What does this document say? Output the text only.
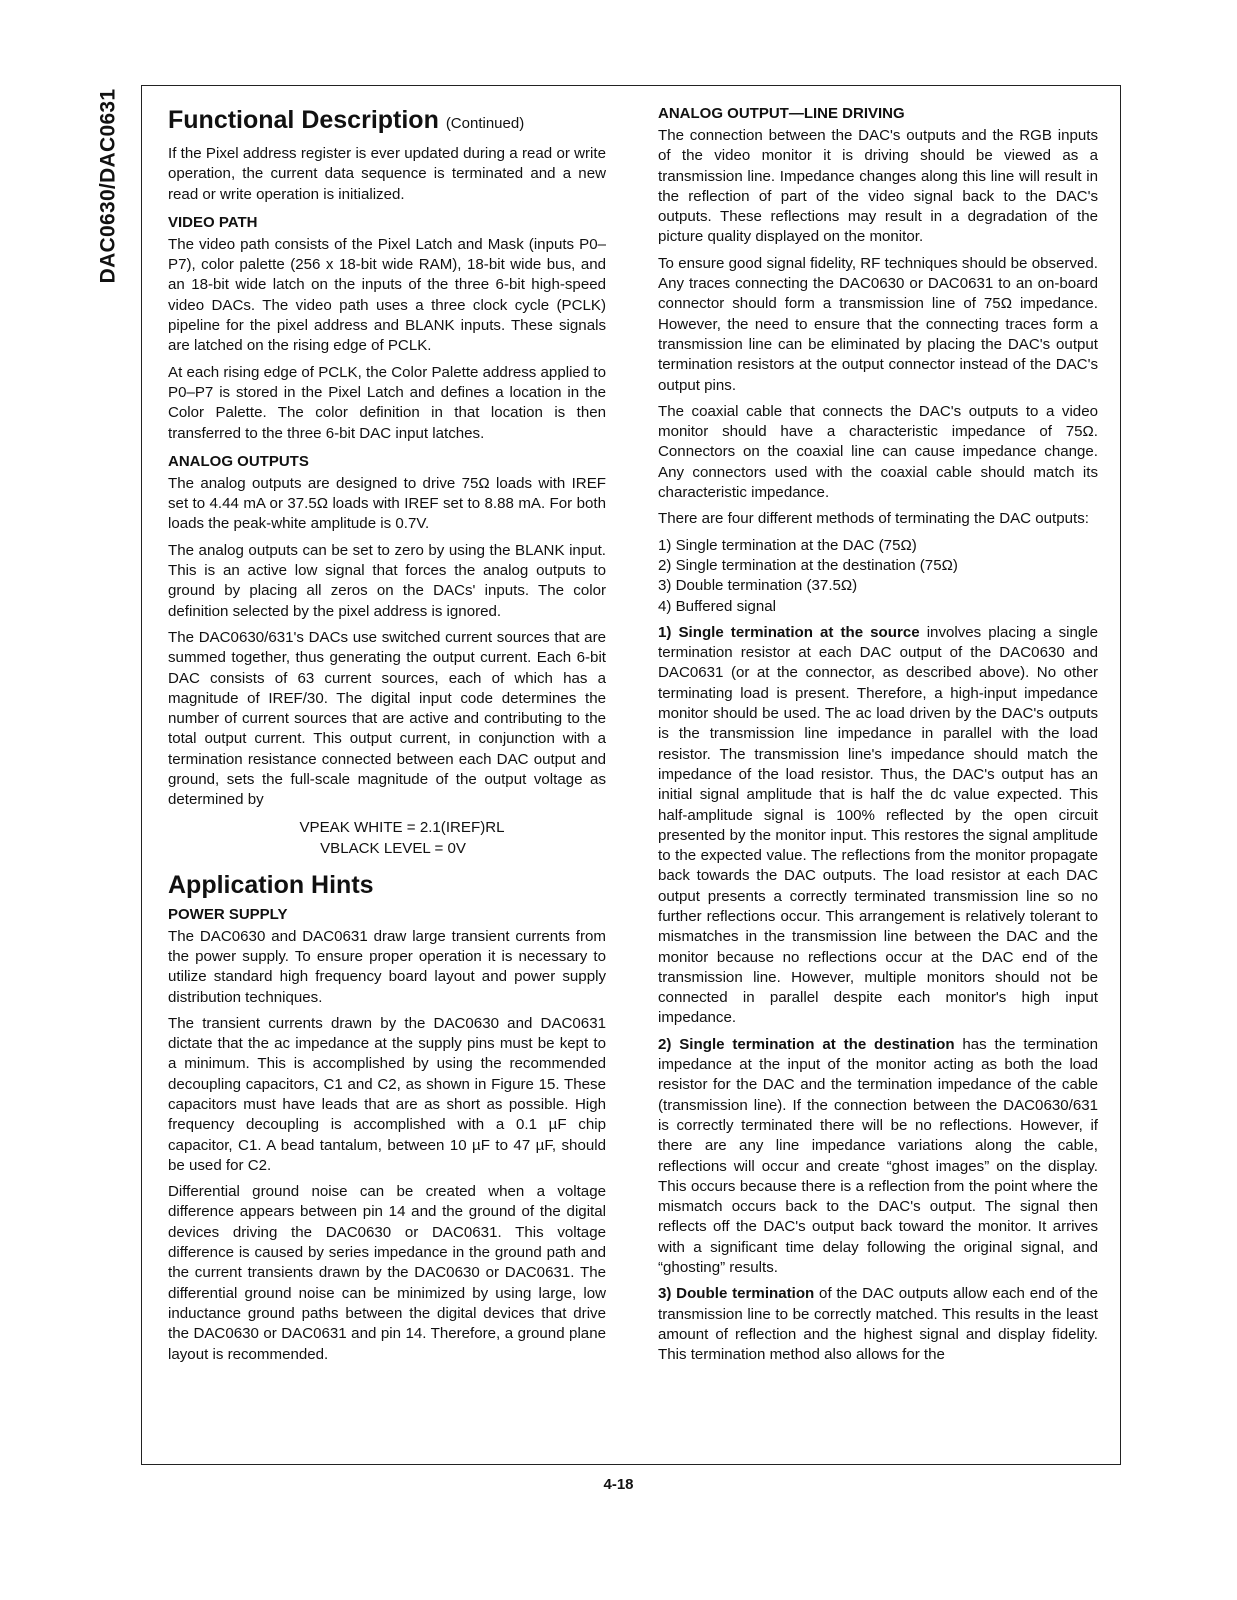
DAC0630/DAC0631 Functional Description (Continued)

If the Pixel address register is ever updated during a read or write operation, the current data sequence is terminated and a new read or write operation is initialized.

VIDEO PATH

The video path consists of the Pixel Latch and Mask (inputs P0–P7), color palette (256 x 18-bit wide RAM), 18-bit wide bus, and an 18-bit wide latch on the inputs of the three 6-bit high-speed video DACs. The video path uses a three clock cycle (PCLK) pipeline for the pixel address and BLANK inputs. These signals are latched on the rising edge of PCLK.

At each rising edge of PCLK, the Color Palette address applied to P0–P7 is stored in the Pixel Latch and defines a location in the Color Palette. The color definition in that location is then transferred to the three 6-bit DAC input latches.

ANALOG OUTPUTS

The analog outputs are designed to drive 75Ω loads with IREF set to 4.44 mA or 37.5Ω loads with IREF set to 8.88 mA. For both loads the peak-white amplitude is 0.7V.

The analog outputs can be set to zero by using the BLANK input. This is an active low signal that forces the analog outputs to ground by placing all zeros on the DACs' inputs. The color definition selected by the pixel address is ignored.

The DAC0630/631's DACs use switched current sources that are summed together, thus generating the output current. Each 6-bit DAC consists of 63 current sources, each of which has a magnitude of IREF/30. The digital input code determines the number of current sources that are active and contributing to the total output current. This output current, in conjunction with a termination resistance connected between each DAC output and ground, sets the full-scale magnitude of the output voltage as determined by

VPEAK WHITE = 2.1(IREF)RL
VBLACK LEVEL = 0V
Application Hints
POWER SUPPLY

The DAC0630 and DAC0631 draw large transient currents from the power supply. To ensure proper operation it is necessary to utilize standard high frequency board layout and power supply distribution techniques.

The transient currents drawn by the DAC0630 and DAC0631 dictate that the ac impedance at the supply pins must be kept to a minimum. This is accomplished by using the recommended decoupling capacitors, C1 and C2, as shown in Figure 15. These capacitors must have leads that are as short as possible. High frequency decoupling is accomplished with a 0.1 µF chip capacitor, C1. A bead tantalum, between 10 µF to 47 µF, should be used for C2.

Differential ground noise can be created when a voltage difference appears between pin 14 and the ground of the digital devices driving the DAC0630 or DAC0631. This voltage difference is caused by series impedance in the ground path and the current transients drawn by the DAC0630 or DAC0631. The differential ground noise can be minimized by using large, low inductance ground paths between the digital devices that drive the DAC0630 or DAC0631 and pin 14. Therefore, a ground plane layout is recommended.

ANALOG OUTPUT—LINE DRIVING

The connection between the DAC's outputs and the RGB inputs of the video monitor it is driving should be viewed as a transmission line. Impedance changes along this line will result in the reflection of part of the video signal back to the DAC's outputs. These reflections may result in a degradation of the picture quality displayed on the monitor.

To ensure good signal fidelity, RF techniques should be observed. Any traces connecting the DAC0630 or DAC0631 to an on-board connector should form a transmission line of 75Ω impedance. However, the need to ensure that the connecting traces form a transmission line can be eliminated by placing the DAC's output termination resistors at the output connector instead of the DAC's output pins.

The coaxial cable that connects the DAC's outputs to a video monitor should have a characteristic impedance of 75Ω. Connectors on the coaxial line can cause impedance change. Any connectors used with the coaxial cable should match its characteristic impedance.

There are four different methods of terminating the DAC outputs:

1) Single termination at the DAC (75Ω)
2) Single termination at the destination (75Ω)
3) Double termination (37.5Ω)
4) Buffered signal

1) Single termination at the source involves placing a single termination resistor at each DAC output of the DAC0630 and DAC0631 (or at the connector, as described above). No other terminating load is present. Therefore, a high-input impedance monitor should be used. The ac load driven by the DAC's outputs is the transmission line impedance in parallel with the load resistor. The transmission line's impedance should match the impedance of the load resistor. Thus, the DAC's output has an initial signal amplitude that is half the dc value expected. This half-amplitude signal is 100% reflected by the open circuit presented by the monitor input. This restores the signal amplitude to the expected value. The reflections from the monitor propagate back towards the DAC outputs. The load resistor at each DAC output presents a correctly terminated transmission line so no further reflections occur. This arrangement is relatively tolerant to mismatches in the transmission line between the DAC and the monitor because no reflections occur at the DAC end of the transmission line. However, multiple monitors should not be connected in parallel despite each monitor's high input impedance.

2) Single termination at the destination has the termination impedance at the input of the monitor acting as both the load resistor for the DAC and the termination impedance of the cable (transmission line). If the connection between the DAC0630/631 is correctly terminated there will be no reflections. However, if there are any line impedance variations along the cable, reflections will occur and create “ghost images” on the display. This occurs because there is a reflection from the point where the mismatch occurs back to the DAC's output. The signal then reflects off the DAC's output back toward the monitor. It arrives with a significant time delay following the original signal, and “ghosting” results.

3) Double termination of the DAC outputs allow each end of the transmission line to be correctly matched. This results in the least amount of reflection and the highest signal and display fidelity. This termination method also allows for the

4-18
